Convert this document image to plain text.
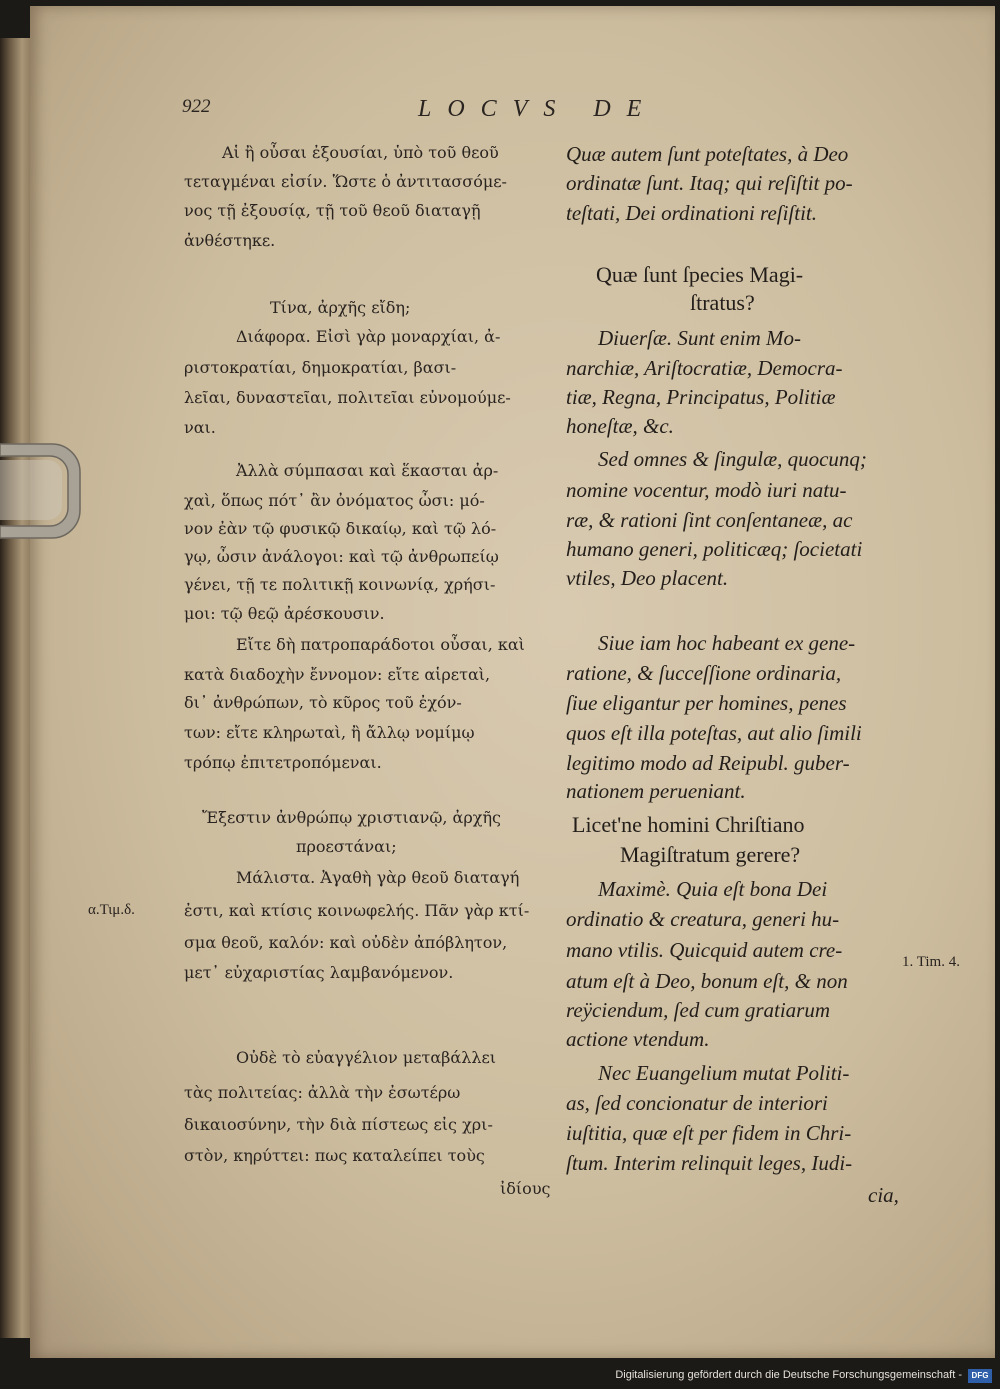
922	LOCVS DE
Αἱ ἢ οὖσαι ἐξουσίαι, ὑπὸ τοῦ θεοῦ
τεταγμέναι εἰσίν. Ὥστε ὁ ἀντιτασσόμε-
νος τῇ ἐξουσίᾳ, τῇ τοῦ θεοῦ διαταγῇ
ἀνθέστηκε.
Τίνα, ἀρχῆς εἴδη;
Διάφορα. Εἰσὶ γὰρ μοναρχίαι, ἀ-
ριστοκρατίαι, δημοκρατίαι, βασι-
λεῖαι, δυναστεῖαι, πολιτεῖαι εὐνομούμε-
ναι.
Ἀλλὰ σύμπασαι καὶ ἕκασται ἀρ-
χαὶ, ὅπως πότ᾽ ἂν ὀνόματος ὦσι: μό-
νον ἐὰν τῷ φυσικῷ δικαίῳ, καὶ τῷ λό-
γῳ, ὦσιν ἀνάλογοι: καὶ τῷ ἀνθρωπείῳ
γένει, τῇ τε πολιτικῇ κοινωνίᾳ, χρήσι-
μοι: τῷ θεῷ ἀρέσκουσιν.
Εἴτε δὴ πατροπαράδοτοι οὖσαι, καὶ
κατὰ διαδοχὴν ἔννομον: εἴτε αἱρεταὶ,
δι᾽ ἀνθρώπων, τὸ κῦρος τοῦ ἐχόν-
των: εἴτε κληρωταὶ, ἢ ἄλλῳ νομίμῳ
τρόπῳ ἐπιτετροπόμεναι.
Ἔξεστιν ἀνθρώπῳ χριστιανῷ, ἀρχῆς
προεστάναι;
Μάλιστα. Ἀγαθὴ γὰρ θεοῦ διαταγή
ἐστι, καὶ κτίσις κοινωφελής. Πᾶν γὰρ κτί-
σμα θεοῦ, καλόν: καὶ οὐδὲν ἀπόβλητον,
μετ᾽ εὐχαριστίας λαμβανόμενον.
Οὐδὲ τὸ εὐαγγέλιον μεταβάλλει
τὰς πολιτείας: ἀλλὰ τὴν ἐσωτέρω
δικαιοσύνην, τὴν διὰ πίστεως εἰς χρι-
στὸν, κηρύττει: πως καταλείπει τοὺς
ἰδίους
Quæ autem ſunt poteſtates, à Deo
ordinatæ ſunt. Itaq; qui reſiſtit po-
teſtati, Dei ordinationi reſiſtit.
Quæ ſunt ſpecies Magi-
ſtratus?
Diuerſæ. Sunt enim Mo-
narchiæ, Ariſtocratiæ, Democra-
tiæ, Regna, Principatus, Politiæ
honeſtæ, &c.
Sed omnes & ſingulæ, quocunq;
nomine vocentur, modò iuri natu-
ræ, & rationi ſint conſentaneæ, ac
humano generi, politicæq; ſocietati
vtiles, Deo placent.
Siue iam hoc habeant ex gene-
ratione, & ſucceſſione ordinaria,
ſiue eligantur per homines, penes
quos eſt illa poteſtas, aut alio ſimili
legitimo modo ad Reipubl. guber-
nationem perueniant.
Licet'ne homini Chriſtiano
Magiſtratum gerere?
Maximè. Quia eſt bona Dei
ordinatio & creatura, generi hu-
mano vtilis. Quicquid autem cre-
atum eſt à Deo, bonum eſt, & non
reÿciendum, ſed cum gratiarum
actione vtendum.
Nec Euangelium mutat Politi-
as, ſed concionatur de interiori
iuſtitia, quæ eſt per fidem in Chri-
ſtum. Interim relinquit leges, Iudi-
cia,
α.Τιμ.δ.
1. Tim. 4.
Digitalisierung gefördert durch die Deutsche Forschungsgemeinschaft -	DFG
